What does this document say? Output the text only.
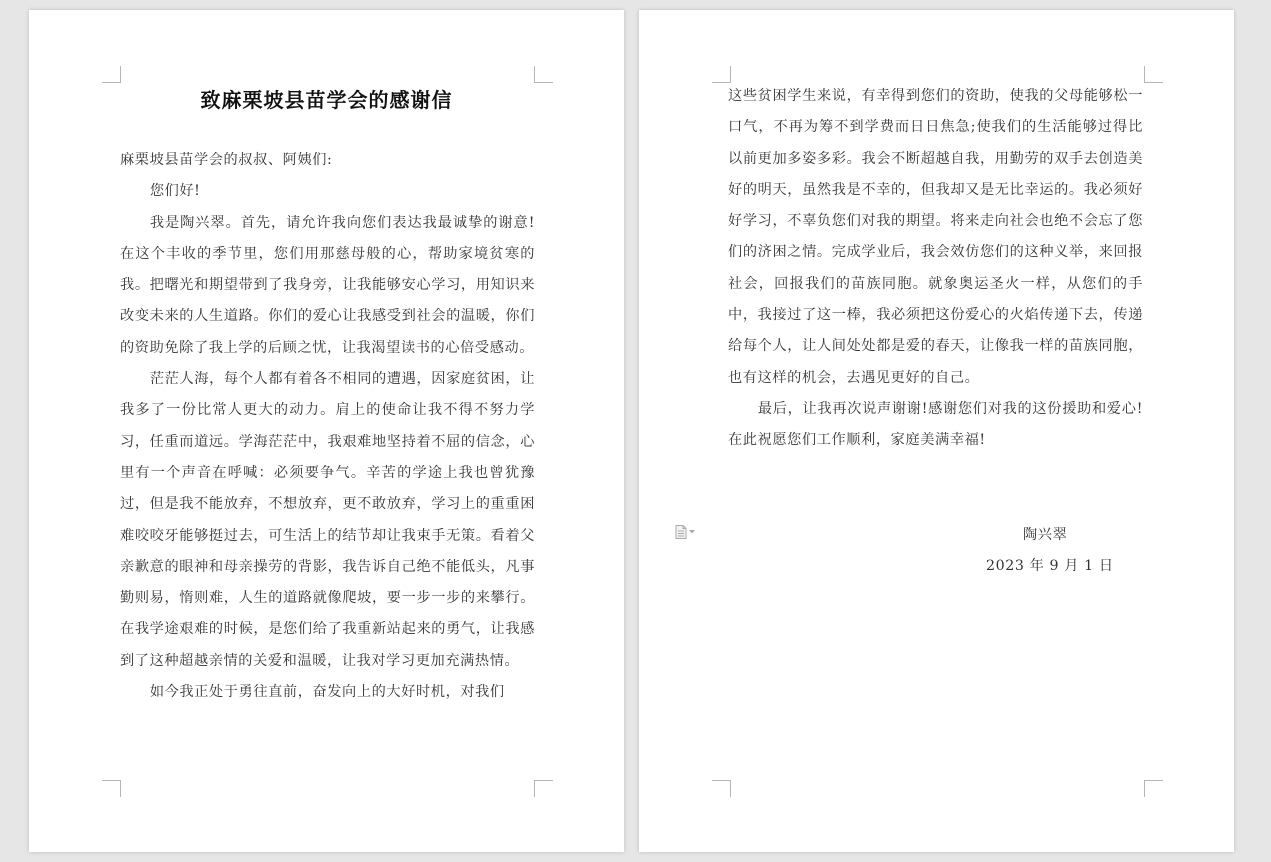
致麻栗坡县苗学会的感谢信

麻栗坡县苗学会的叔叔、阿姨们:

您们好!

我是陶兴翠。首先，请允许我向您们表达我最诚挚的谢意!在这个丰收的季节里，您们用那慈母般的心，帮助家境贫寒的我。把曙光和期望带到了我身旁，让我能够安心学习，用知识来改变未来的人生道路。你们的爱心让我感受到社会的温暖，你们的资助免除了我上学的后顾之忧，让我渴望读书的心倍受感动。

茫茫人海，每个人都有着各不相同的遭遇，因家庭贫困，让我多了一份比常人更大的动力。肩上的使命让我不得不努力学习，任重而道远。学海茫茫中，我艰难地坚持着不屈的信念，心里有一个声音在呼喊：必须要争气。辛苦的学途上我也曾犹豫过，但是我不能放弃，不想放弃，更不敢放弃，学习上的重重困难咬咬牙能够挺过去，可生活上的结节却让我束手无策。看着父亲歉意的眼神和母亲操劳的背影，我告诉自己绝不能低头，凡事勤则易，惰则难，人生的道路就像爬坡，要一步一步的来攀行。在我学途艰难的时候，是您们给了我重新站起来的勇气，让我感到了这种超越亲情的关爱和温暖，让我对学习更加充满热情。

如今我正处于勇往直前，奋发向上的大好时机，对我们

这些贫困学生来说，有幸得到您们的资助，使我的父母能够松一口气，不再为筹不到学费而日日焦急;使我们的生活能够过得比以前更加多姿多彩。我会不断超越自我，用勤劳的双手去创造美好的明天，虽然我是不幸的，但我却又是无比幸运的。我必须好好学习，不辜负您们对我的期望。将来走向社会也绝不会忘了您们的济困之情。完成学业后，我会效仿您们的这种义举，来回报社会，回报我们的苗族同胞。就象奥运圣火一样，从您们的手中，我接过了这一棒，我必须把这份爱心的火焰传递下去，传递给每个人，让人间处处都是爱的春天，让像我一样的苗族同胞，也有这样的机会，去遇见更好的自己。

最后，让我再次说声谢谢!感谢您们对我的这份援助和爱心!在此祝愿您们工作顺利，家庭美满幸福!

陶兴翠
2023 年 9 月 1 日
